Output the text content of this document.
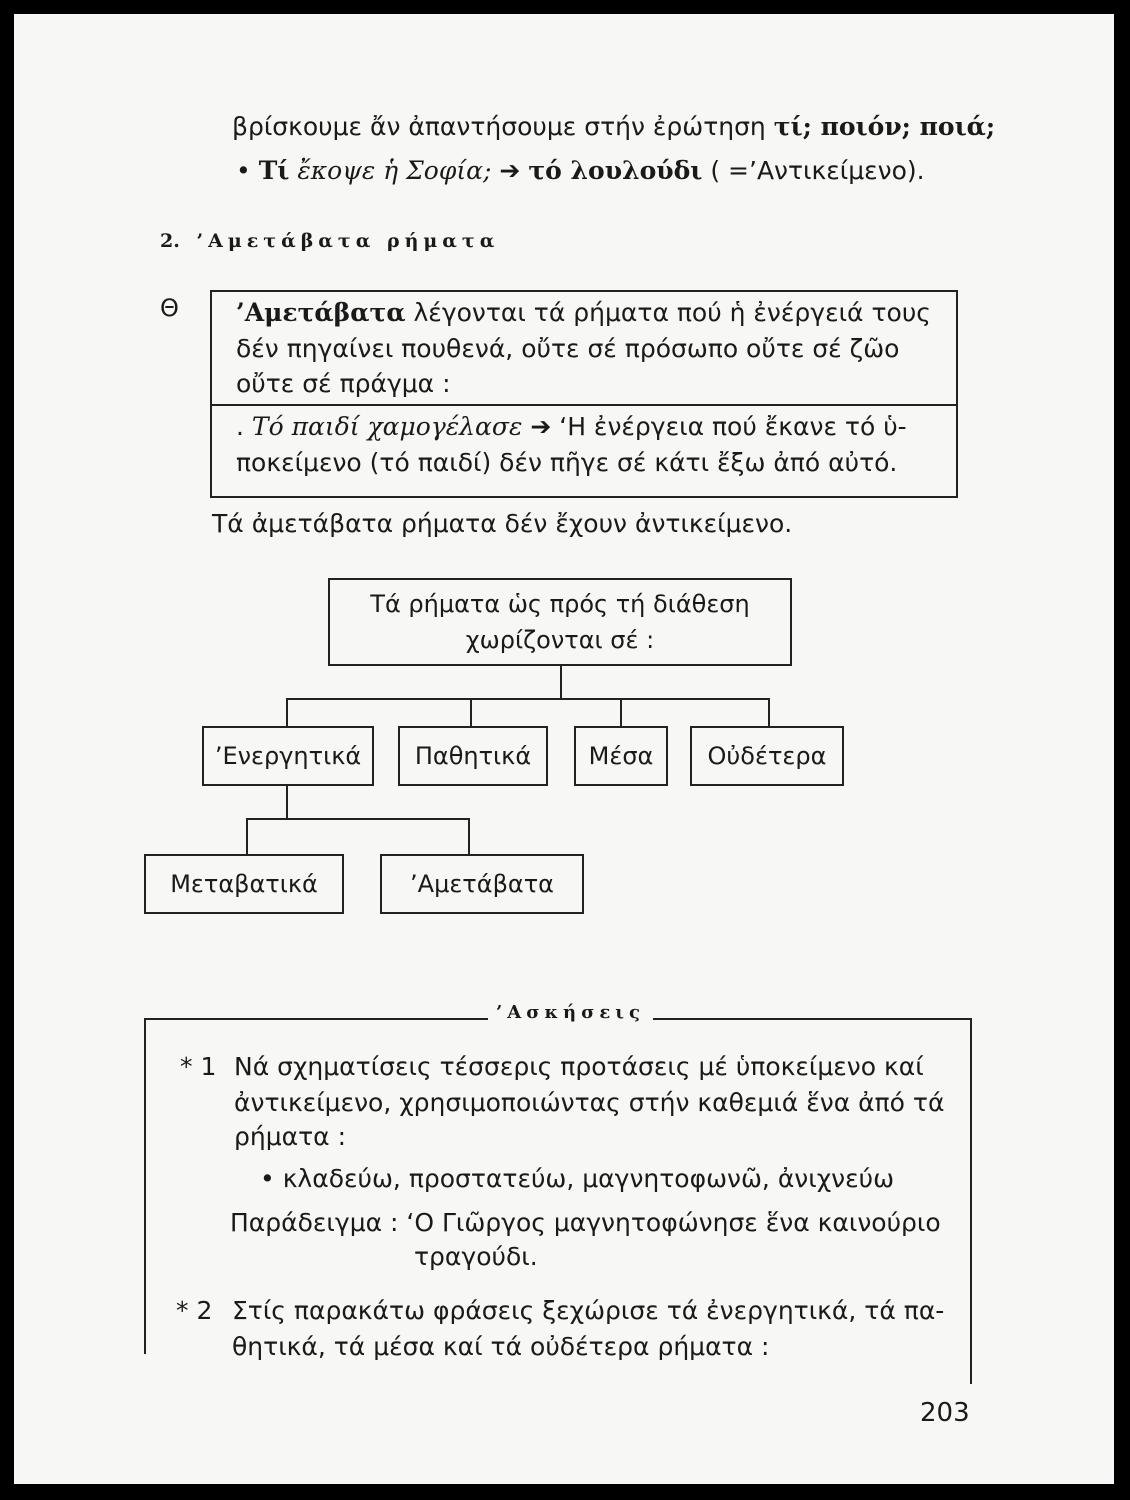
βρίσκουμε ἄν ἀπαντήσουμε στήν ἐρώτηση τί; ποιόν; ποιά;
• Τί ἔκοψε ἡ Σοφία; ➔ τό λουλούδι ( =’Αντικείμενο).
2. ’Αμετάβατα ρήματα
Θ ’Αμετάβατα λέγονται τά ρήματα πού ἡ ἐνέργειά τους
δέν πηγαίνει πουθενά, οὔτε σέ πρόσωπο οὔτε σέ ζῶο
οὔτε σέ πράγμα :
. Τό παιδί χαμογέλασε ➔ ‘Η ἐνέργεια πού ἔκανε τό ὑ-
ποκείμενο (τό παιδί) δέν πῆγε σέ κάτι ἔξω ἀπό αὐτό.
Τά ἀμετάβατα ρήματα δέν ἔχουν ἀντικείμενο.
Τά ρήματα ὡς πρός τή διάθεση
χωρίζονται σέ :
’Ενεργητικά	Παθητικά	Μέσα	Οὐδέτερα
Μεταβατικά	’Αμετάβατα
’Ασκήσεις
* 1 Νά σχηματίσεις τέσσερις προτάσεις μέ ὑποκείμενο καί
ἀντικείμενο, χρησιμοποιώντας στήν καθεμιά ἕνα ἀπό τά
ρήματα :
• κλαδεύω, προστατεύω, μαγνητοφωνῶ, ἀνιχνεύω
Παράδειγμα : ‘Ο Γιῶργος μαγνητοφώνησε ἕνα καινούριο
τραγούδι.
* 2 Στίς παρακάτω φράσεις ξεχώρισε τά ἐνεργητικά, τά πα-
θητικά, τά μέσα καί τά οὐδέτερα ρήματα :
203
